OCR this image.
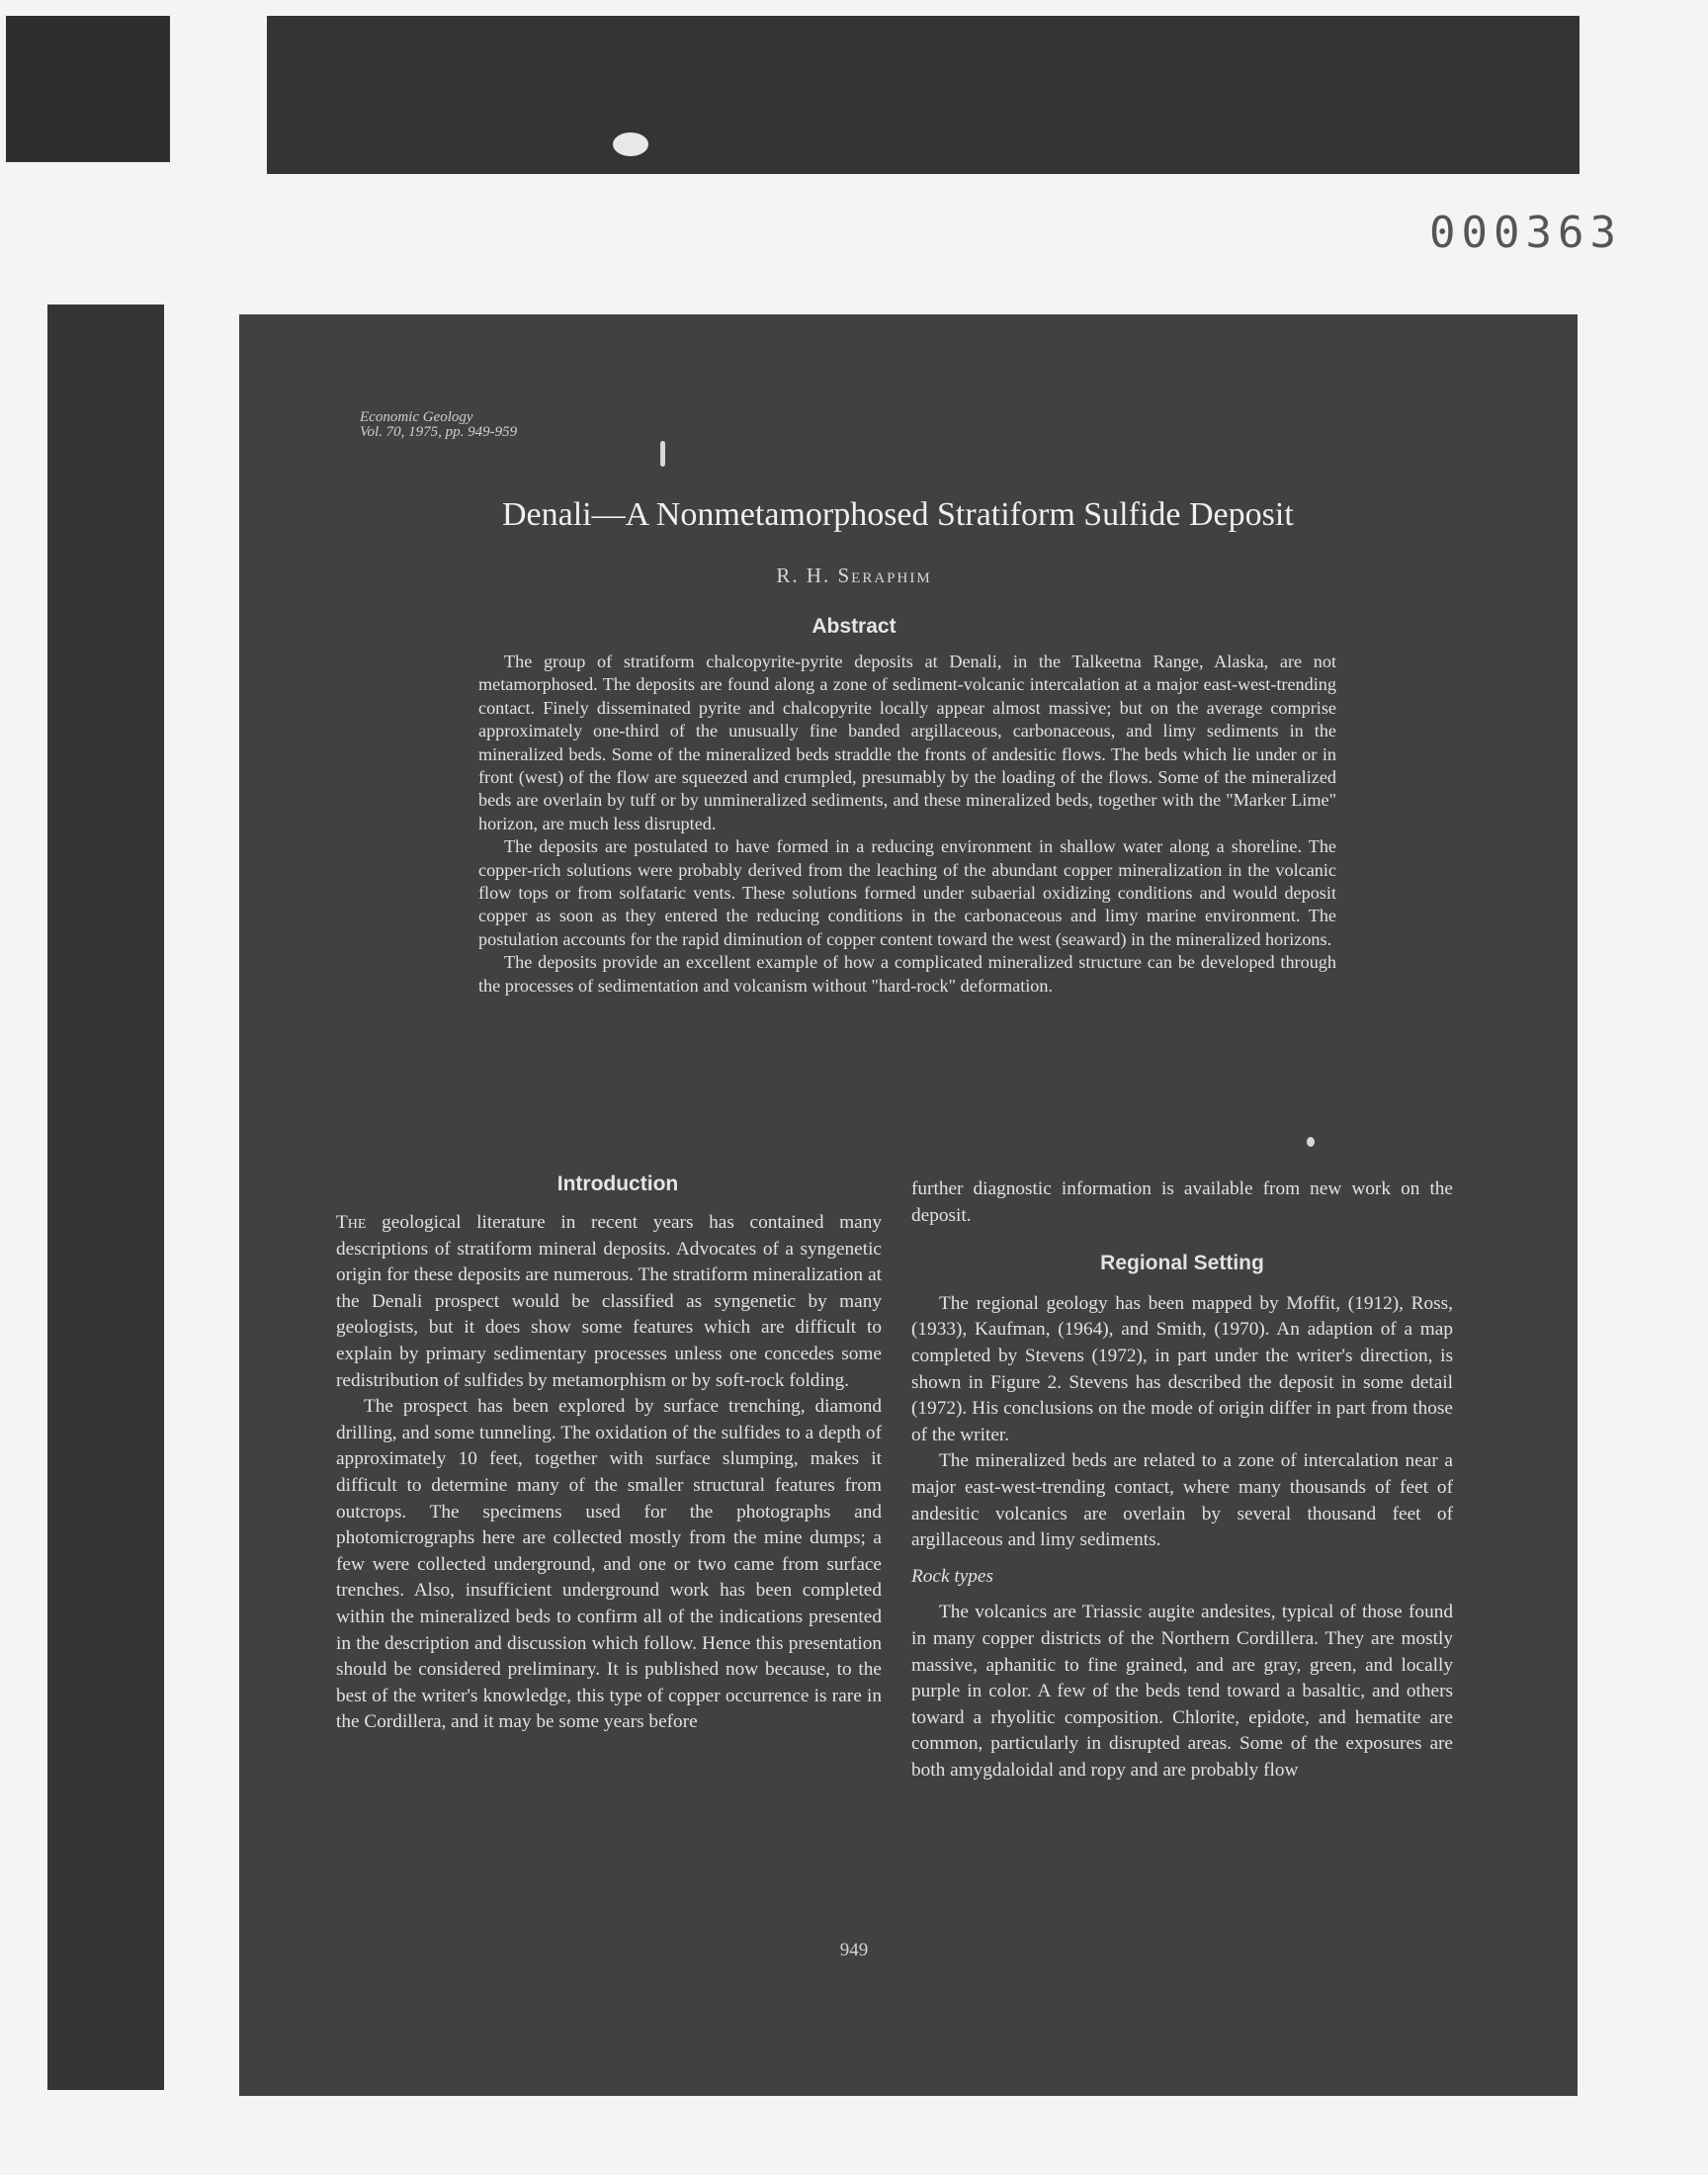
000363
Economic Geology
Vol. 70, 1975, pp. 949-959
Denali—A Nonmetamorphosed Stratiform Sulfide Deposit
R. H. Seraphim
Abstract

The group of stratiform chalcopyrite-pyrite deposits at Denali, in the Talkeetna Range, Alaska, are not metamorphosed. The deposits are found along a zone of sediment-volcanic intercalation at a major east-west-trending contact. Finely disseminated pyrite and chalcopyrite locally appear almost massive; but on the average comprise approximately one-third of the unusually fine banded argillaceous, carbonaceous, and limy sediments in the mineralized beds. Some of the mineralized beds straddle the fronts of andesitic flows. The beds which lie under or in front (west) of the flow are squeezed and crumpled, presumably by the loading of the flows. Some of the mineralized beds are overlain by tuff or by unmineralized sediments, and these mineralized beds, together with the "Marker Lime" horizon, are much less disrupted.

The deposits are postulated to have formed in a reducing environment in shallow water along a shoreline. The copper-rich solutions were probably derived from the leaching of the abundant copper mineralization in the volcanic flow tops or from solfataric vents. These solutions formed under subaerial oxidizing conditions and would deposit copper as soon as they entered the reducing conditions in the carbonaceous and limy marine environment. The postulation accounts for the rapid diminution of copper content toward the west (seaward) in the mineralized horizons.

The deposits provide an excellent example of how a complicated mineralized structure can be developed through the processes of sedimentation and volcanism without "hard-rock" deformation.

Introduction

The geological literature in recent years has contained many descriptions of stratiform mineral deposits. Advocates of a syngenetic origin for these deposits are numerous. The stratiform mineralization at the Denali prospect would be classified as syngenetic by many geologists, but it does show some features which are difficult to explain by primary sedimentary processes unless one concedes some redistribution of sulfides by metamorphism or by soft-rock folding.

The prospect has been explored by surface trenching, diamond drilling, and some tunneling. The oxidation of the sulfides to a depth of approximately 10 feet, together with surface slumping, makes it difficult to determine many of the smaller structural features from outcrops. The specimens used for the photographs and photomicrographs here are collected mostly from the mine dumps; a few were collected underground, and one or two came from surface trenches. Also, insufficient underground work has been completed within the mineralized beds to confirm all of the indications presented in the description and discussion which follow. Hence this presentation should be considered preliminary. It is published now because, to the best of the writer's knowledge, this type of copper occurrence is rare in the Cordillera, and it may be some years before

further diagnostic information is available from new work on the deposit.

Regional Setting

The regional geology has been mapped by Moffit, (1912), Ross, (1933), Kaufman, (1964), and Smith, (1970). An adaption of a map completed by Stevens (1972), in part under the writer's direction, is shown in Figure 2. Stevens has described the deposit in some detail (1972). His conclusions on the mode of origin differ in part from those of the writer.

The mineralized beds are related to a zone of intercalation near a major east-west-trending contact, where many thousands of feet of andesitic volcanics are overlain by several thousand feet of argillaceous and limy sediments.

Rock types

The volcanics are Triassic augite andesites, typical of those found in many copper districts of the Northern Cordillera. They are mostly massive, aphanitic to fine grained, and are gray, green, and locally purple in color. A few of the beds tend toward a basaltic, and others toward a rhyolitic composition. Chlorite, epidote, and hematite are common, particularly in disrupted areas. Some of the exposures are both amygdaloidal and ropy and are probably flow

949
